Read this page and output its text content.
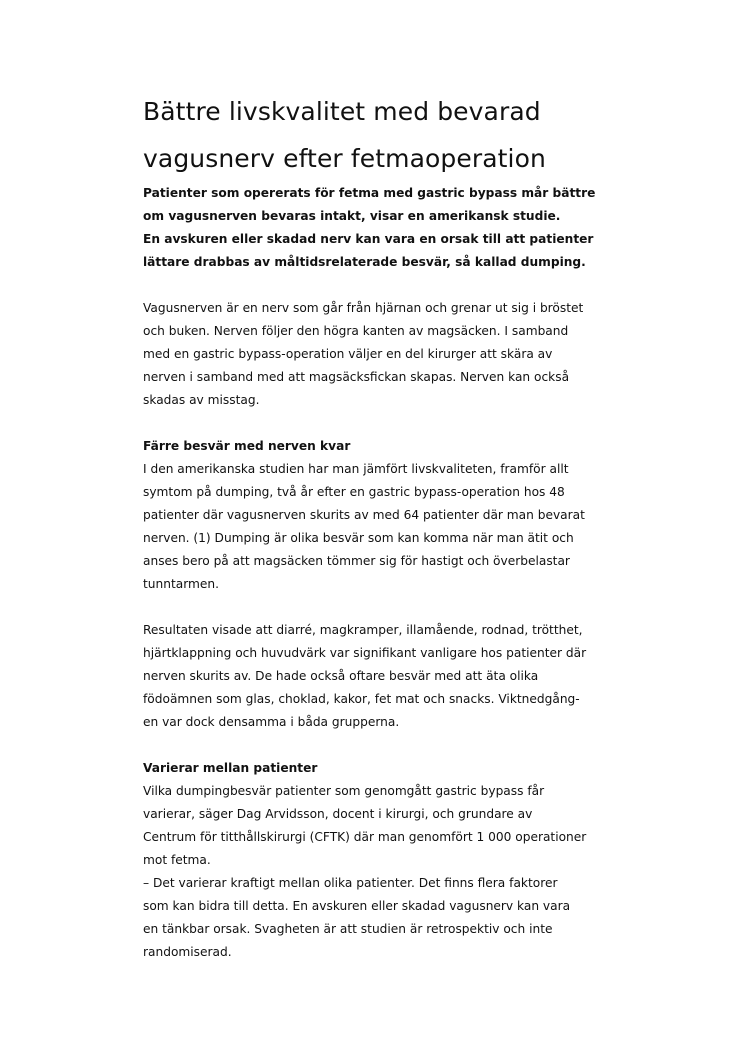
Bättre livskvalitet med bevarad
vagusnerv efter fetmaoperation

Patienter som opererats för fetma med gastric bypass mår bättre
om vagusnerven bevaras intakt, visar en amerikansk studie.
En avskuren eller skadad nerv kan vara en orsak till att patienter
lättare drabbas av måltidsrelaterade besvär, så kallad dumping.

Vagusnerven är en nerv som går från hjärnan och grenar ut sig i bröstet
och buken. Nerven följer den högra kanten av magsäcken. I samband
med en gastric bypass-operation väljer en del kirurger att skära av
nerven i samband med att magsäcksfickan skapas. Nerven kan också
skadas av misstag.

Färre besvär med nerven kvar

I den amerikanska studien har man jämfört livskvaliteten, framför allt
symtom på dumping, två år efter en gastric bypass-operation hos 48
patienter där vagusnerven skurits av med 64 patienter där man bevarat
nerven. (1) Dumping är olika besvär som kan komma när man ätit och
anses bero på att magsäcken tömmer sig för hastigt och överbelastar
tunntarmen.

Resultaten visade att diarré, magkramper, illamående, rodnad, trötthet,
hjärtklappning och huvudvärk var signifikant vanligare hos patienter där
nerven skurits av. De hade också oftare besvär med att äta olika
födoämnen som glas, choklad, kakor, fet mat och snacks. Viktnedgång-
en var dock densamma i båda grupperna.

Varierar mellan patienter

Vilka dumpingbesvär patienter som genomgått gastric bypass får
varierar, säger Dag Arvidsson, docent i kirurgi, och grundare av
Centrum för titthållskirurgi (CFTK) där man genomfört 1 000 operationer
mot fetma.
– Det varierar kraftigt mellan olika patienter. Det finns flera faktorer
som kan bidra till detta. En avskuren eller skadad vagusnerv kan vara
en tänkbar orsak. Svagheten är att studien är retrospektiv och inte
randomiserad.
